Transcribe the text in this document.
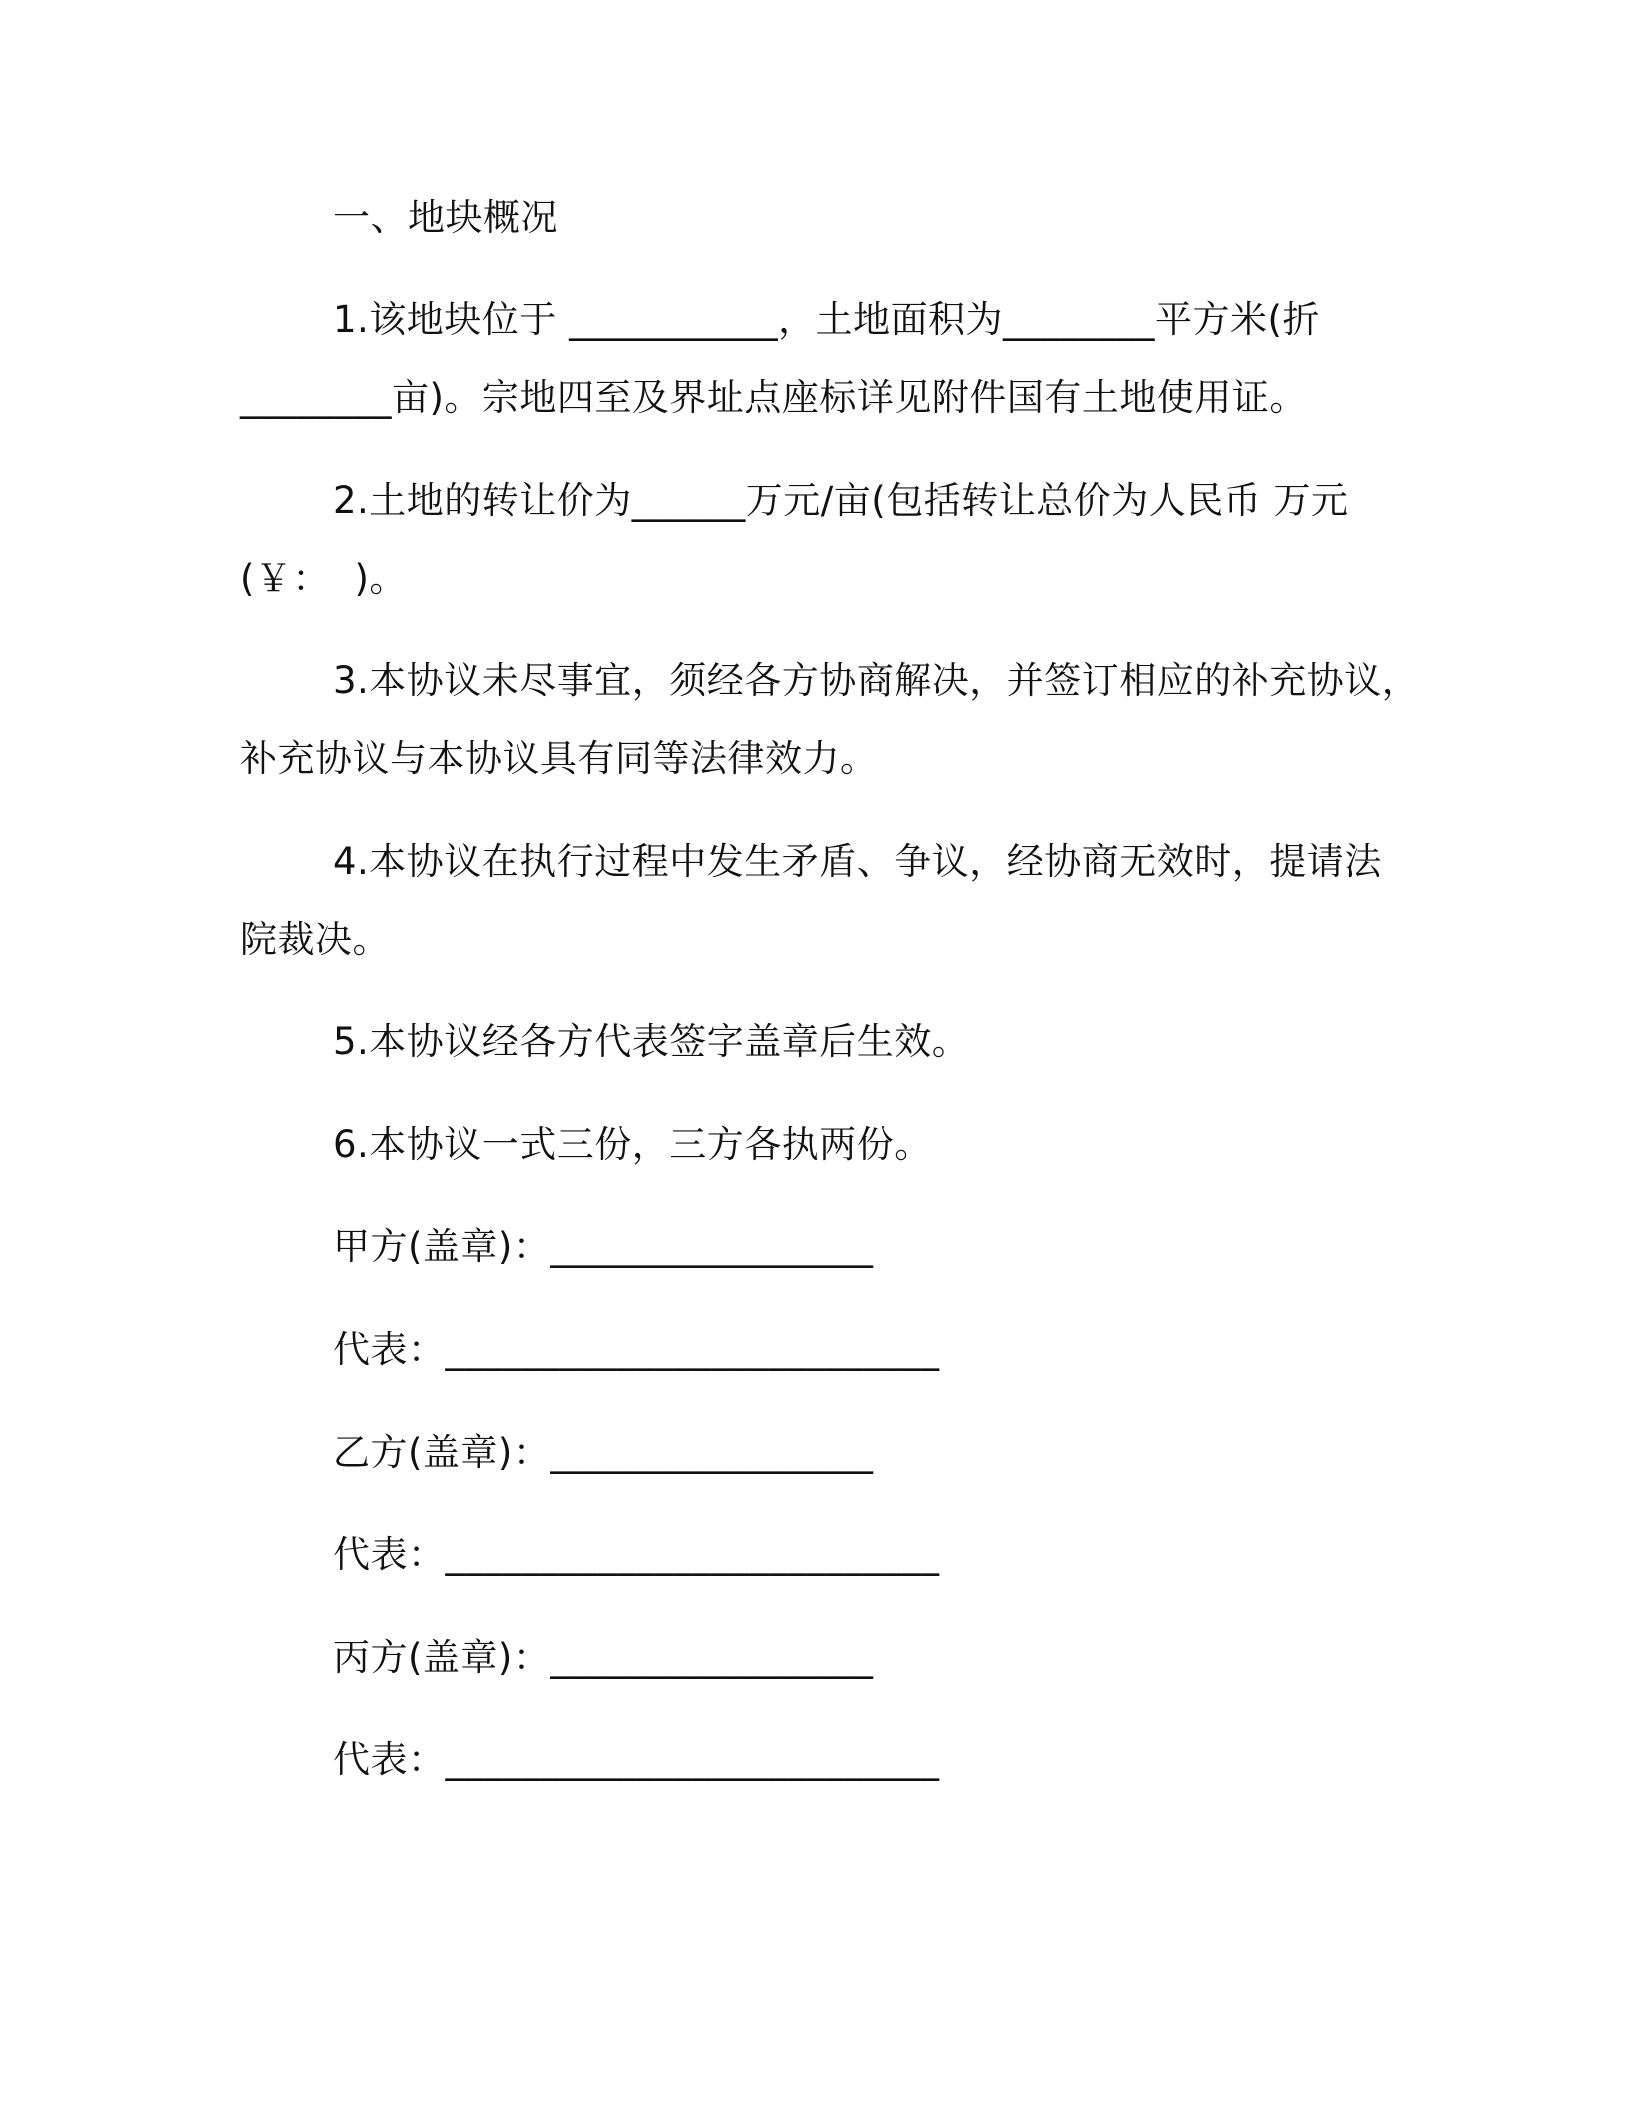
一、地块概况
1.该地块位于 ___________，土地面积为________平方米(折
________亩)。宗地四至及界址点座标详见附件国有土地使用证。
2.土地的转让价为______万元/亩(包括转让总价为人民币 万元
(￥：  )。
3.本协议未尽事宜，须经各方协商解决，并签订相应的补充协议，
补充协议与本协议具有同等法律效力。
4.本协议在执行过程中发生矛盾、争议，经协商无效时，提请法
院裁决。
5.本协议经各方代表签字盖章后生效。
6.本协议一式三份，三方各执两份。
甲方(盖章)：_________________
代表：__________________________
乙方(盖章)：_________________
代表：__________________________
丙方(盖章)：_________________
代表：__________________________
